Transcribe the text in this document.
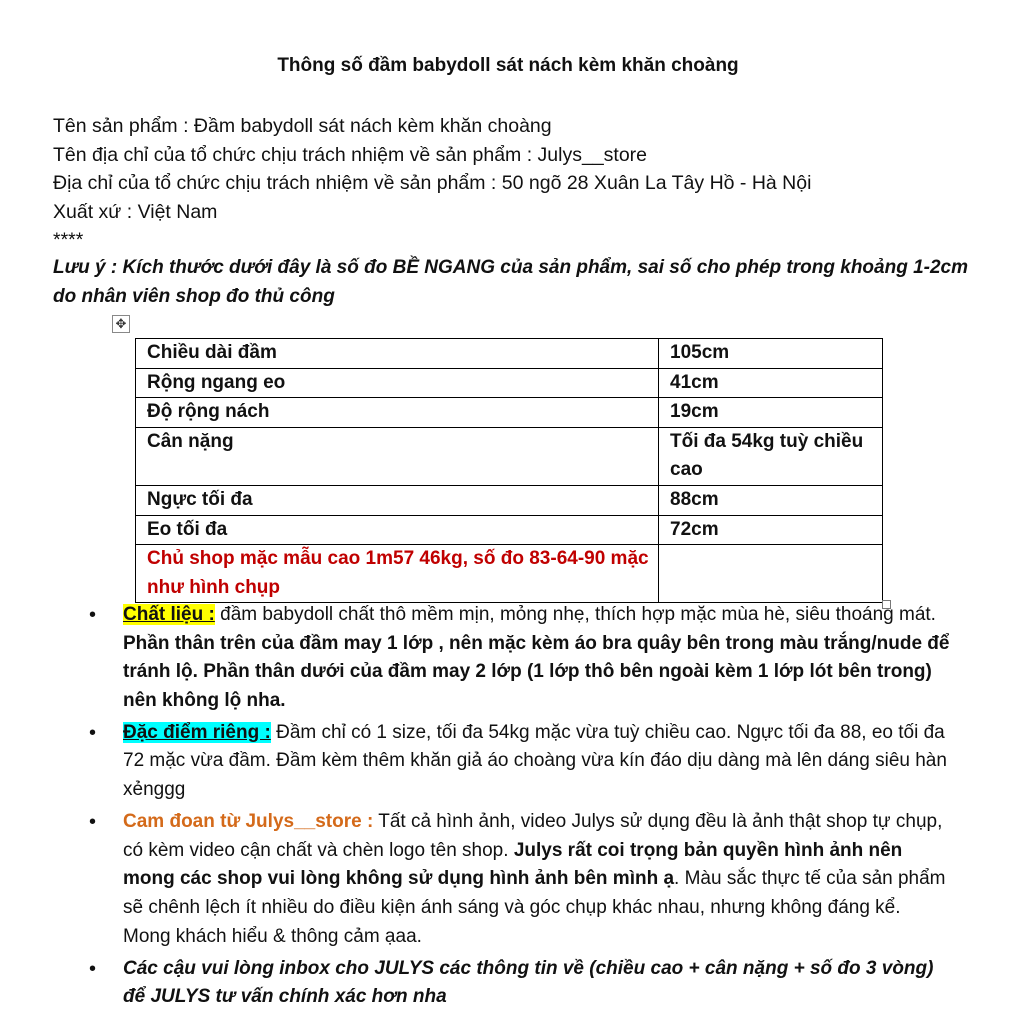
Thông số đầm babydoll sát nách kèm khăn choàng
Tên sản phẩm : Đầm babydoll sát nách kèm khăn choàng
Tên địa chỉ của tổ chức chịu trách nhiệm về sản phẩm : Julys__store
Địa chỉ của tổ chức chịu trách nhiệm về sản phẩm : 50 ngõ 28 Xuân La Tây Hồ - Hà Nội
Xuất xứ : Việt Nam
****
Lưu ý : Kích thước dưới đây là số đo BỀ NGANG của sản phẩm, sai số cho phép trong khoảng 1-2cm do nhân viên shop đo thủ công
✥
Chiều dài đầm	105cm
Rộng ngang eo	41cm
Độ rộng nách	19cm
Cân nặng	Tối đa 54kg tuỳ chiều cao
Ngực tối đa	88cm
Eo tối đa	72cm
Chủ shop mặc mẫu cao 1m57 46kg, số đo 83-64-90 mặc như hình chụp	
• Chất liệu : đầm babydoll chất thô mềm mịn, mỏng nhẹ, thích hợp mặc mùa hè, siêu thoáng mát. Phần thân trên của đầm may 1 lớp , nên mặc kèm áo bra quây bên trong màu trắng/nude để tránh lộ. Phần thân dưới của đầm may 2 lớp (1 lớp thô bên ngoài kèm 1 lớp lót bên trong) nên không lộ nha.
• Đặc điểm riêng : Đầm chỉ có 1 size, tối đa 54kg mặc vừa tuỳ chiều cao. Ngực tối đa 88, eo tối đa 72 mặc vừa đầm. Đầm kèm thêm khăn giả áo choàng vừa kín đáo dịu dàng mà lên dáng siêu hàn xẻnggg
• Cam đoan từ Julys__store : Tất cả hình ảnh, video Julys sử dụng đều là ảnh thật shop tự chụp, có kèm video cận chất và chèn logo tên shop. Julys rất coi trọng bản quyền hình ảnh nên mong các shop vui lòng không sử dụng hình ảnh bên mình ạ. Màu sắc thực tế của sản phẩm sẽ chênh lệch ít nhiều do điều kiện ánh sáng và góc chụp khác nhau, nhưng không đáng kể. Mong khách hiểu & thông cảm ạaa.
• Các cậu vui lòng inbox cho JULYS các thông tin về (chiều cao + cân nặng + số đo 3 vòng) để JULYS tư vấn chính xác hơn nha
